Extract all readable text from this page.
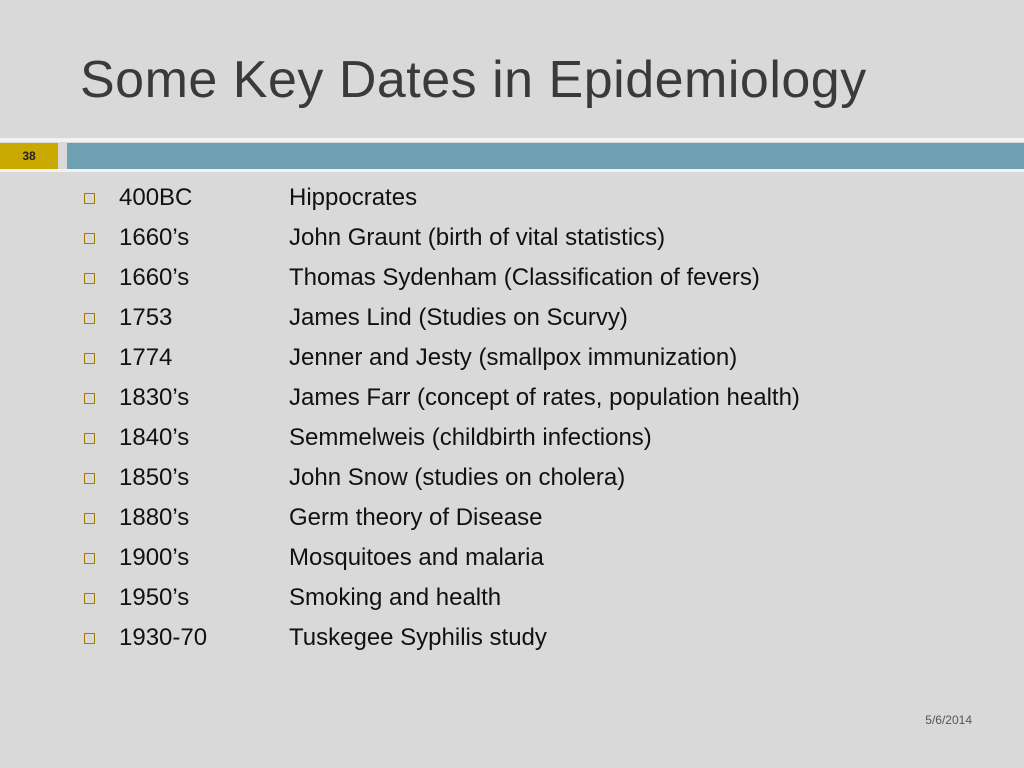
Some Key Dates in Epidemiology
38
400BC	Hippocrates
1660’s	John Graunt (birth of vital statistics)
1660’s	Thomas Sydenham (Classification of fevers)
1753	James Lind (Studies on Scurvy)
1774	Jenner and Jesty (smallpox immunization)
1830’s	James Farr (concept of rates, population health)
1840’s	Semmelweis (childbirth infections)
1850’s	John Snow (studies on cholera)
1880’s	Germ theory of Disease
1900’s	Mosquitoes and malaria
1950’s	Smoking and health
1930-70	Tuskegee Syphilis study
5/6/2014
